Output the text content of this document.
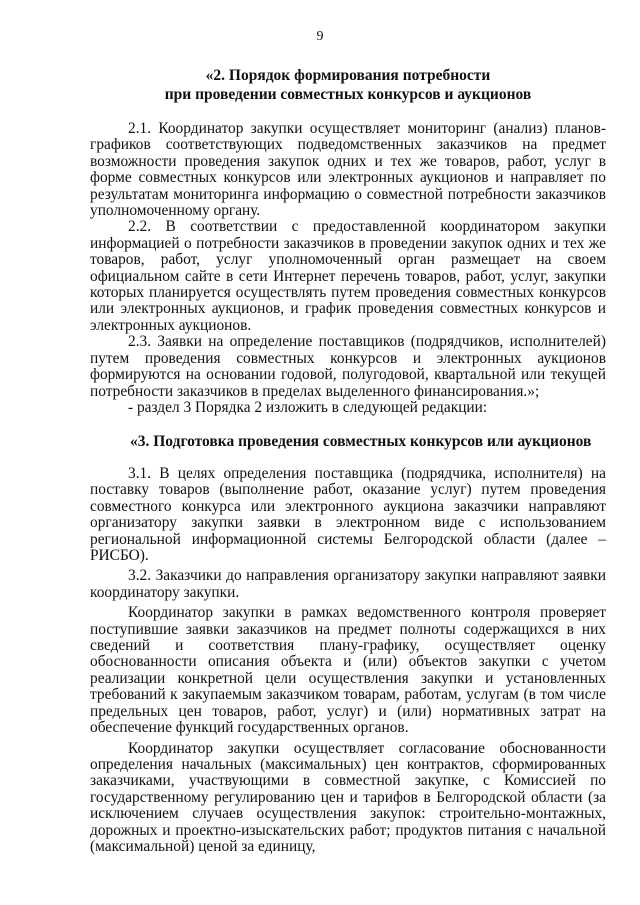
9
«2. Порядок формирования потребности
при проведении совместных конкурсов и аукционов

2.1. Координатор закупки осуществляет мониторинг (анализ) планов-графиков соответствующих подведомственных заказчиков на предмет возможности проведения закупок одних и тех же товаров, работ, услуг в форме совместных конкурсов или электронных аукционов и направляет по результатам мониторинга информацию о совместной потребности заказчиков уполномоченному органу.

2.2. В соответствии с предоставленной координатором закупки информацией о потребности заказчиков в проведении закупок одних и тех же товаров, работ, услуг уполномоченный орган размещает на своем официальном сайте в сети Интернет перечень товаров, работ, услуг, закупки которых планируется осуществлять путем проведения совместных конкурсов или электронных аукционов, и график проведения совместных конкурсов и электронных аукционов.

2.3. Заявки на определение поставщиков (подрядчиков, исполнителей) путем проведения совместных конкурсов и электронных аукционов формируются на основании годовой, полугодовой, квартальной или текущей потребности заказчиков в пределах выделенного финансирования.»;

- раздел 3 Порядка 2 изложить в следующей редакции:

«3. Подготовка проведения совместных конкурсов или аукционов

3.1. В целях определения поставщика (подрядчика, исполнителя) на поставку товаров (выполнение работ, оказание услуг) путем проведения совместного конкурса или электронного аукциона заказчики направляют организатору закупки заявки в электронном виде с использованием региональной информационной системы Белгородской области (далее – РИСБО).

3.2. Заказчики до направления организатору закупки направляют заявки координатору закупки.

Координатор закупки в рамках ведомственного контроля проверяет поступившие заявки заказчиков на предмет полноты содержащихся в них сведений и соответствия плану-графику, осуществляет оценку обоснованности описания объекта и (или) объектов закупки с учетом реализации конкретной цели осуществления закупки и установленных требований к закупаемым заказчиком товарам, работам, услугам (в том числе предельных цен товаров, работ, услуг) и (или) нормативных затрат на обеспечение функций государственных органов.

Координатор закупки осуществляет согласование обоснованности определения начальных (максимальных) цен контрактов, сформированных заказчиками, участвующими в совместной закупке, с Комиссией по государственному регулированию цен и тарифов в Белгородской области (за исключением случаев осуществления закупок: строительно-монтажных, дорожных и проектно-изыскательских работ; продуктов питания с начальной (максимальной) ценой за единицу,
